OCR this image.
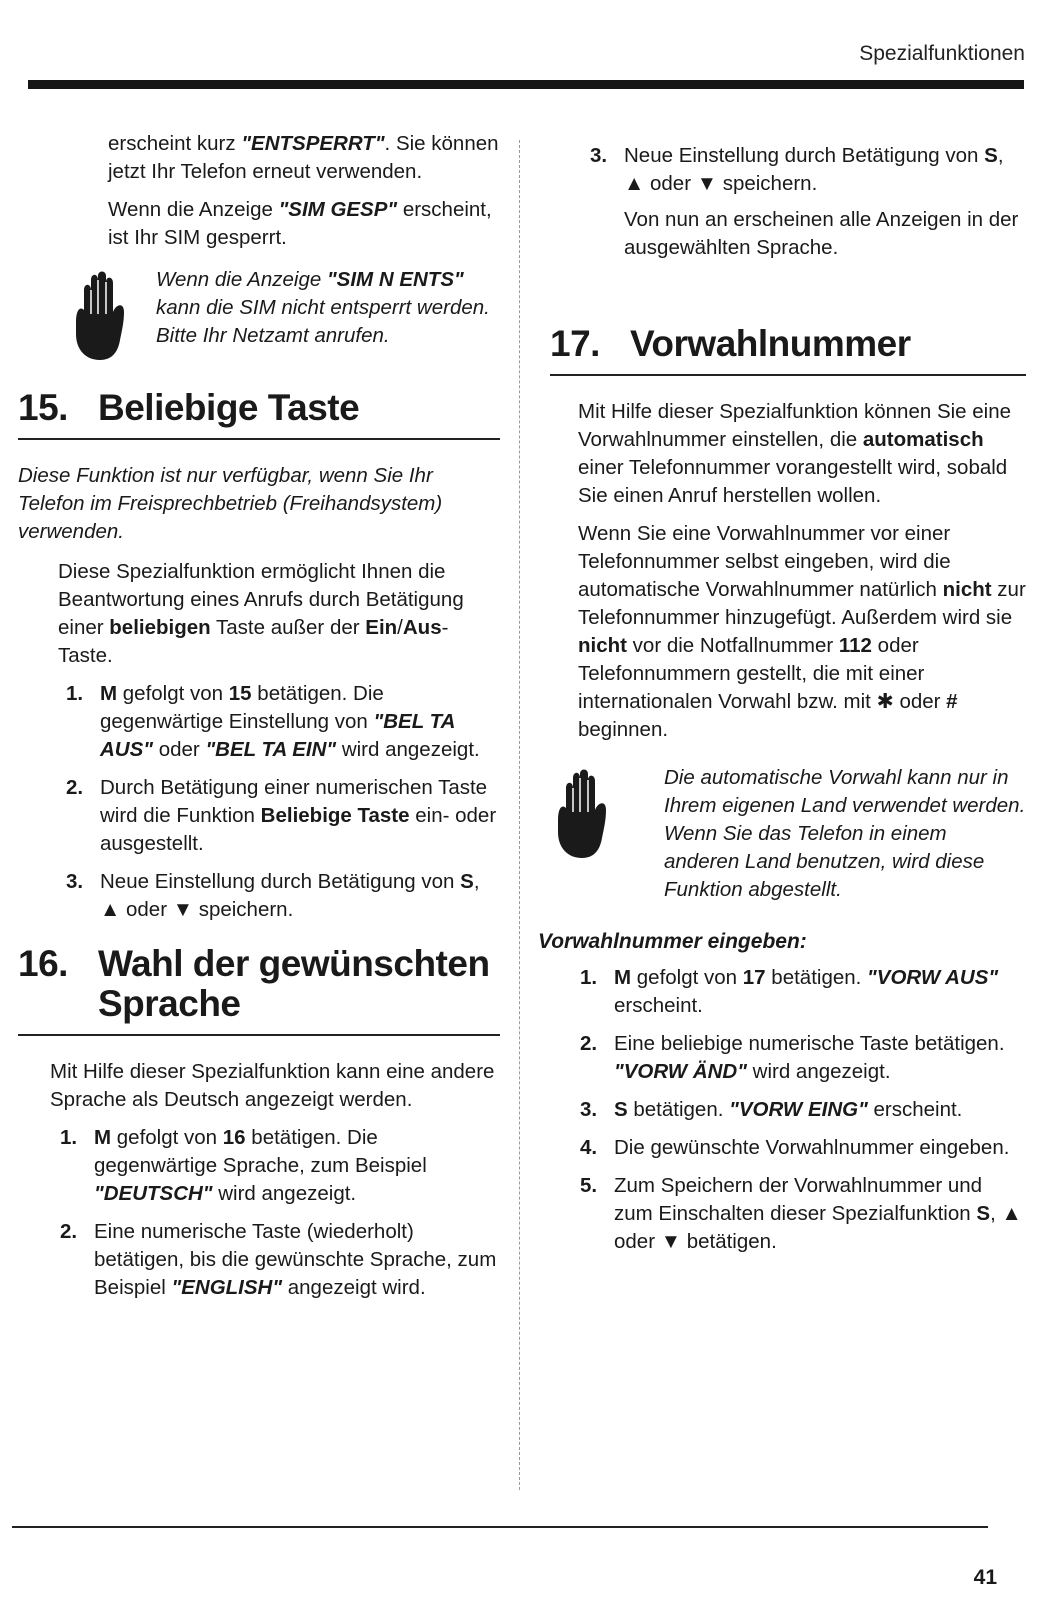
Spezialfunktionen

erscheint kurz "ENTSPERRT". Sie können jetzt Ihr Telefon erneut verwenden.

Wenn die Anzeige "SIM GESP" erscheint, ist Ihr SIM gesperrt.

Wenn die Anzeige "SIM N ENTS" kann die SIM nicht entsperrt werden. Bitte Ihr Netzamt anrufen.

15. Beliebige Taste

Diese Funktion ist nur verfügbar, wenn Sie Ihr Telefon im Freisprechbetrieb (Freihandsystem) verwenden.

Diese Spezialfunktion ermöglicht Ihnen die Beantwortung eines Anrufs durch Betätigung einer beliebigen Taste außer der Ein/Aus-Taste.

1. M gefolgt von 15 betätigen. Die gegenwärtige Einstellung von "BEL TA AUS" oder "BEL TA EIN" wird angezeigt.
2. Durch Betätigung einer numerischen Taste wird die Funktion Beliebige Taste ein- oder ausgestellt.
3. Neue Einstellung durch Betätigung von S, ▲ oder ▼ speichern.
16. Wahl der gewünschten Sprache

Mit Hilfe dieser Spezialfunktion kann eine andere Sprache als Deutsch angezeigt werden.

1. M gefolgt von 16 betätigen. Die gegenwärtige Sprache, zum Beispiel "DEUTSCH" wird angezeigt.
2. Eine numerische Taste (wiederholt) betätigen, bis die gewünschte Sprache, zum Beispiel "ENGLISH" angezeigt wird.
3. Neue Einstellung durch Betätigung von S, ▲ oder ▼ speichern.

Von nun an erscheinen alle Anzeigen in der ausgewählten Sprache.

17. Vorwahlnummer

Mit Hilfe dieser Spezialfunktion können Sie eine Vorwahlnummer einstellen, die automatisch einer Telefonnummer vorangestellt wird, sobald Sie einen Anruf herstellen wollen.

Wenn Sie eine Vorwahlnummer vor einer Telefonnummer selbst eingeben, wird die automatische Vorwahlnummer natürlich nicht zur Telefonnummer hinzugefügt. Außerdem wird sie nicht vor die Notfallnummer 112 oder Telefonnummern gestellt, die mit einer internationalen Vorwahl bzw. mit ✱ oder # beginnen.

Die automatische Vorwahl kann nur in Ihrem eigenen Land verwendet werden. Wenn Sie das Telefon in einem anderen Land benutzen, wird diese Funktion abgestellt.

Vorwahlnummer eingeben:
1. M gefolgt von 17 betätigen. "VORW AUS" erscheint.
2. Eine beliebige numerische Taste betätigen. "VORW ÄND" wird angezeigt.
3. S betätigen. "VORW EING" erscheint.
4. Die gewünschte Vorwahlnummer eingeben.
5. Zum Speichern der Vorwahlnummer und zum Einschalten dieser Spezialfunktion S, ▲ oder ▼ betätigen.
41
